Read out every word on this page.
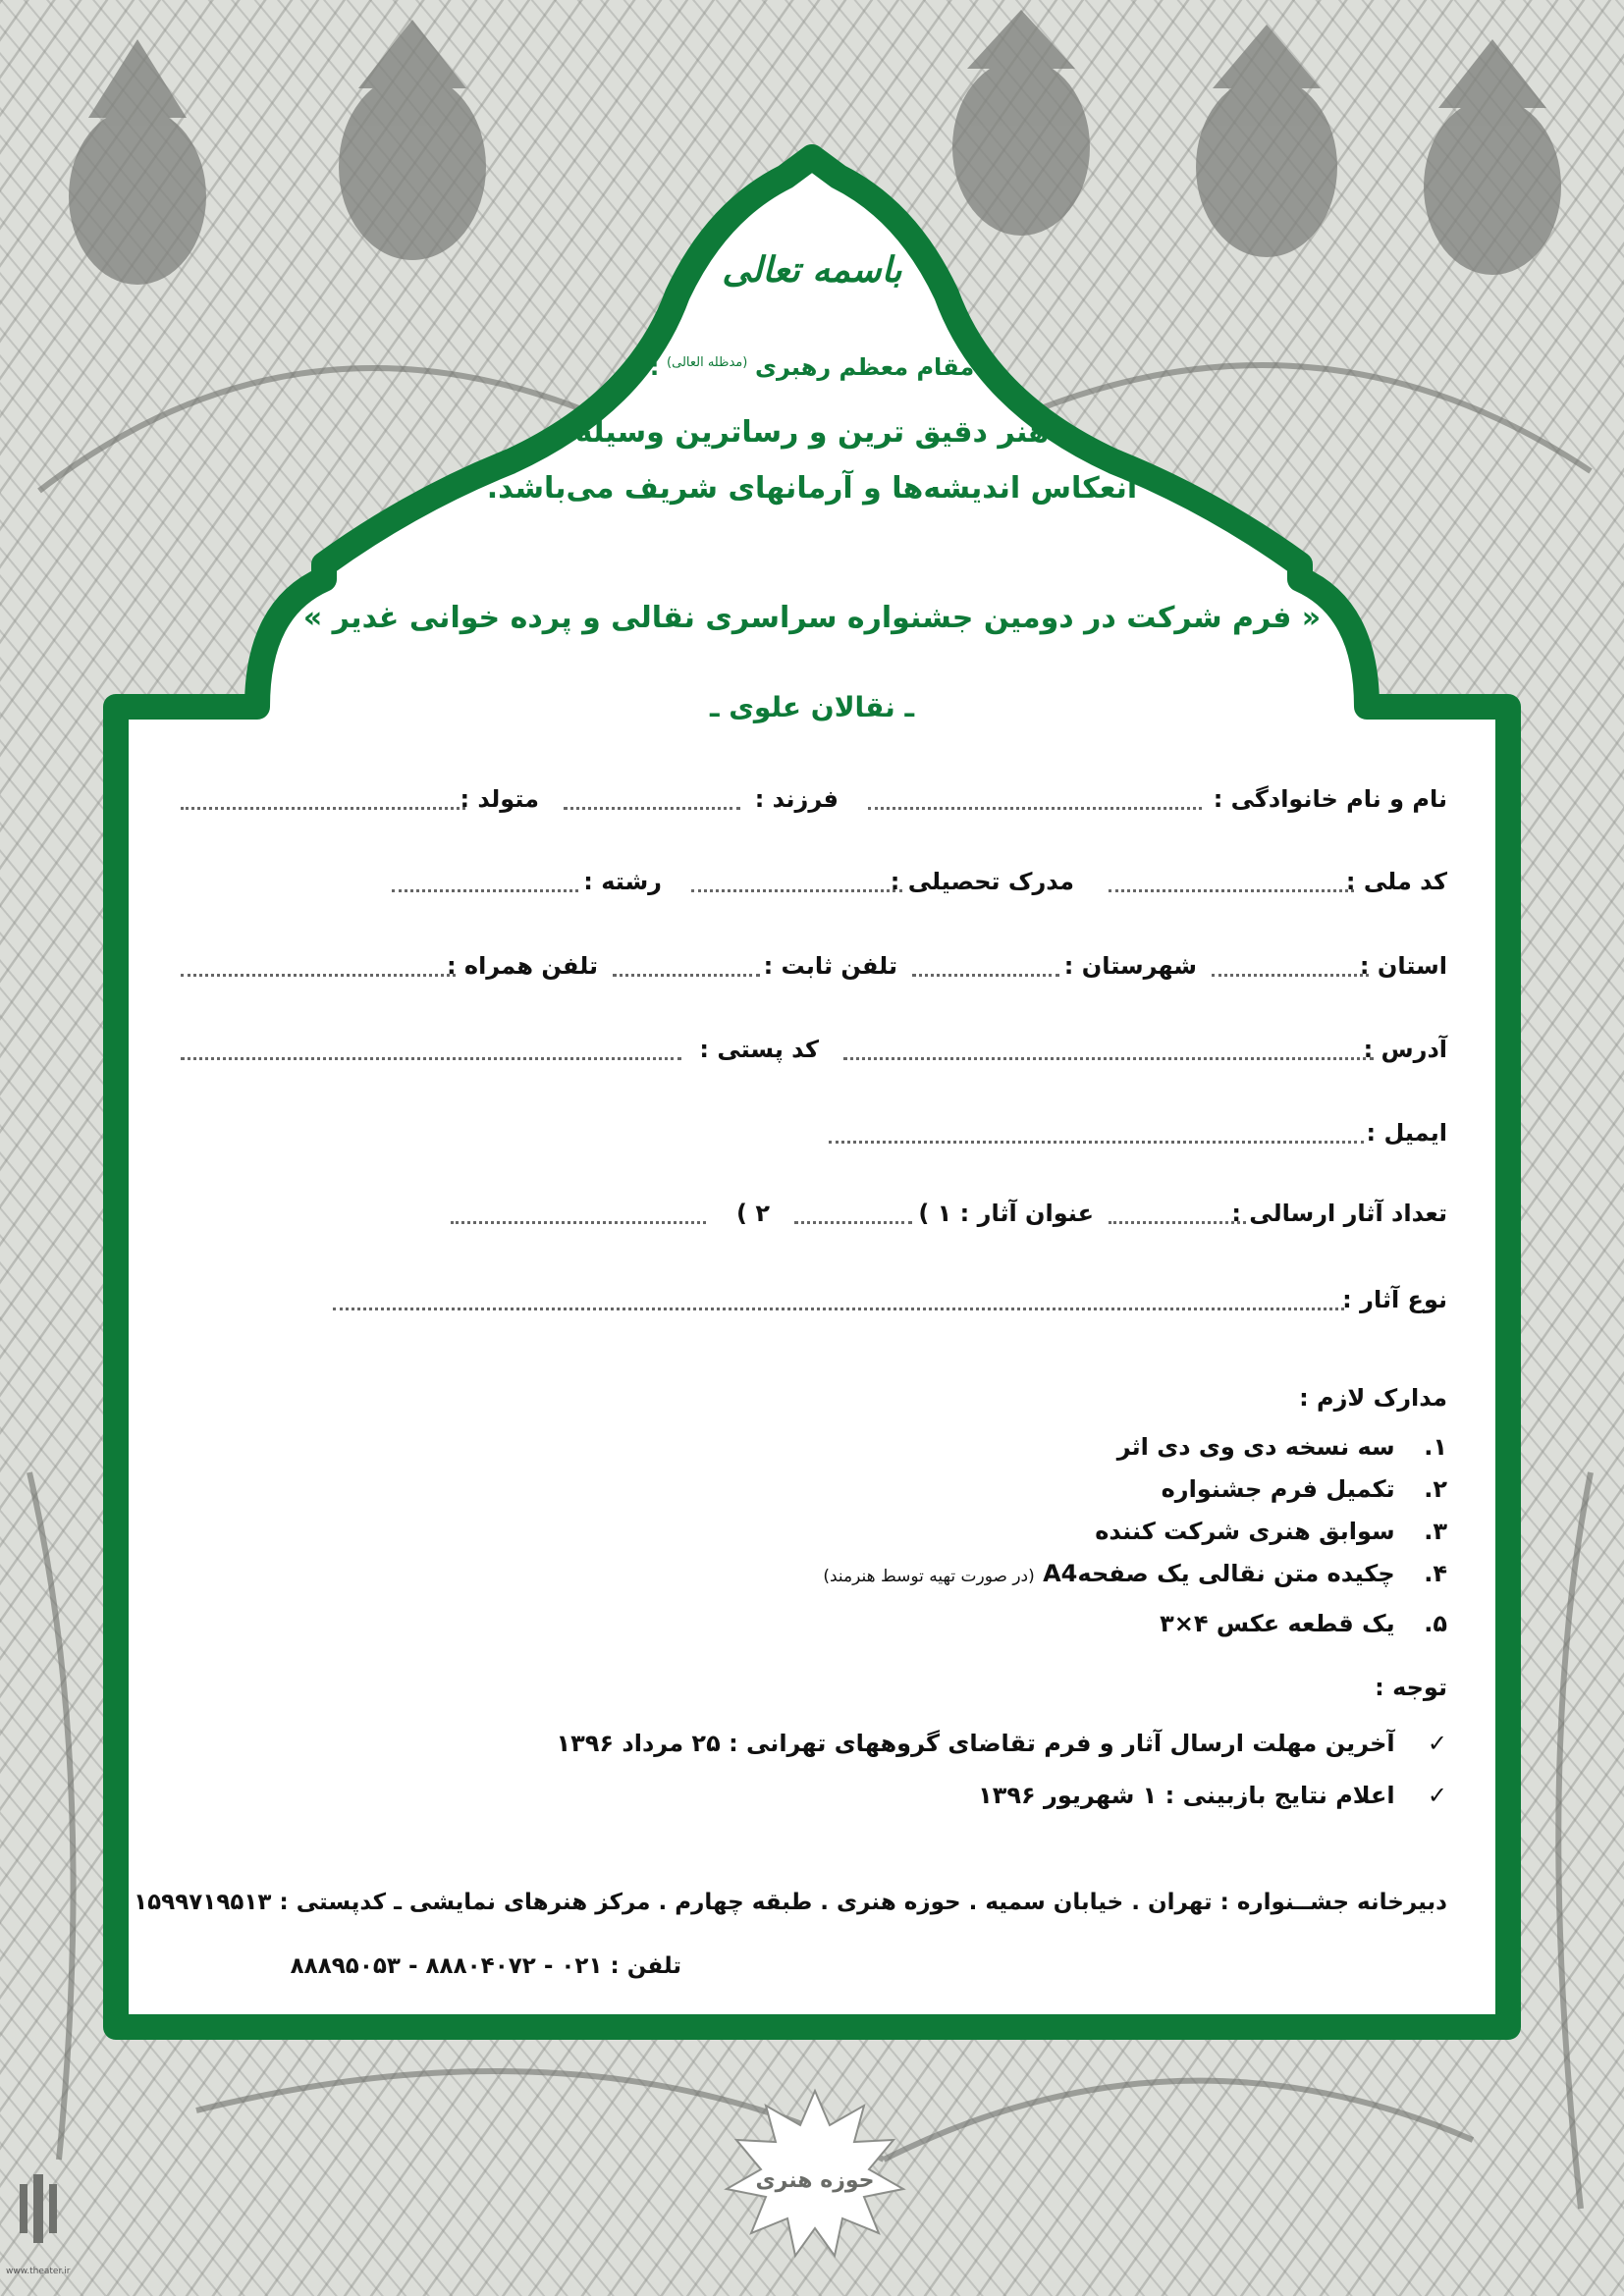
باسمه تعالی
مقام معظم رهبری $^{(مدظله العالی)}$ :
هنر دقیق ترین و رساترین وسیله
انعکاس اندیشه‌ها و آرمانهای شریف می‌باشد.
« فرم شرکت در دومین جشنواره سراسری نقالی و پرده خوانی غدیر »
ـ نقالان علوی ـ
نام و نام خانوادگی :
فرزند :
متولد :
کد ملی :
مدرک تحصیلی :
رشته :
استان :
شهرستان :
تلفن ثابت :
تلفن همراه :
آدرس :
کد پستی :
ایمیل :
تعداد آثار ارسالی :
عنوان آثار : ۱ )
۲ )
نوع آثار :
مدارک لازم :
۱. سه نسخه دی وی دی اثر
۲. تکمیل فرم جشنواره
۳. سوابق هنری شرکت کننده
۴. چکیده متن نقالی یک صفحهA4 (در صورت تهیه توسط هنرمند)
۵. یک قطعه عکس ۴×۳
توجه :
✓ آخرین مهلت ارسال آثار و فرم تقاضای گروههای تهرانی : ۲۵ مرداد ۱۳۹۶
✓ اعلام نتایج بازبینی : ۱ شهریور ۱۳۹۶
دبیرخانه جشــنواره : تهران . خیابان سمیه . حوزه هنری . طبقه چهارم . مرکز هنرهای نمایشی ـ کدپستی : ۱۵۹۹۷۱۹۵۱۳
تلفن : ۰۲۱ - ۸۸۸۰۴۰۷۲ - ۸۸۸۹۵۰۵۳
حوزه هنری
www.theater.ir
